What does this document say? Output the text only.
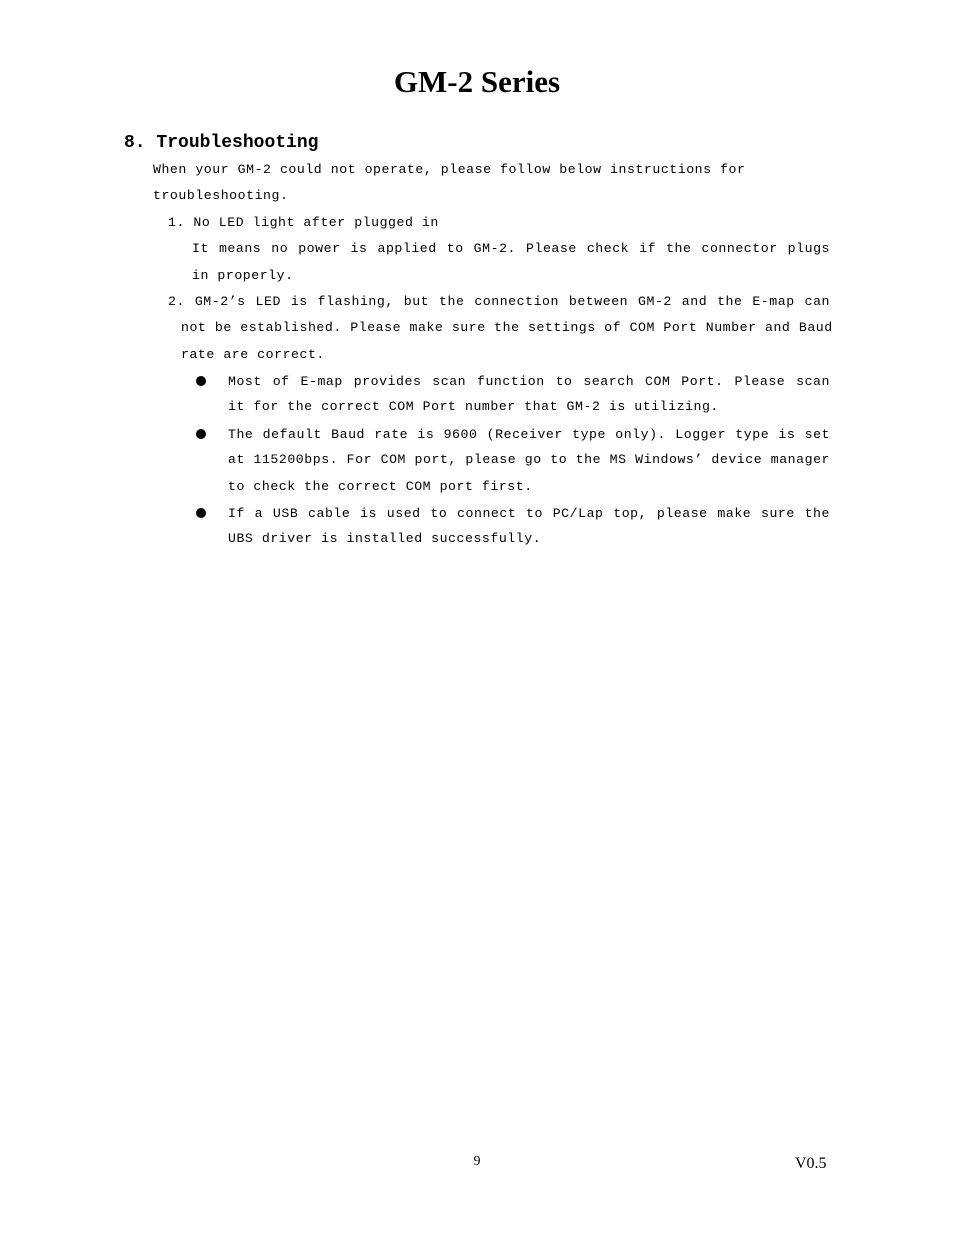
GM-2 Series
8. Troubleshooting
When your GM-2 could not operate, please follow below instructions for
troubleshooting.
1. No LED light after plugged in
It means no power is applied to GM-2. Please check if the connector plugs
in properly.
2. GM-2’s LED is flashing, but the connection between GM-2 and the E-map can
not be established. Please make sure the settings of COM Port Number and Baud
rate are correct.
Most of E-map provides scan function to search COM Port. Please scan
it for the correct COM Port number that GM-2 is utilizing.
The default Baud rate is 9600 (Receiver type only). Logger type is set
at 115200bps. For COM port, please go to the MS Windows’ device manager
to check the correct COM port first.
If a USB cable is used to connect to PC/Lap top, please make sure the
UBS driver is installed successfully.
9	V0.5
